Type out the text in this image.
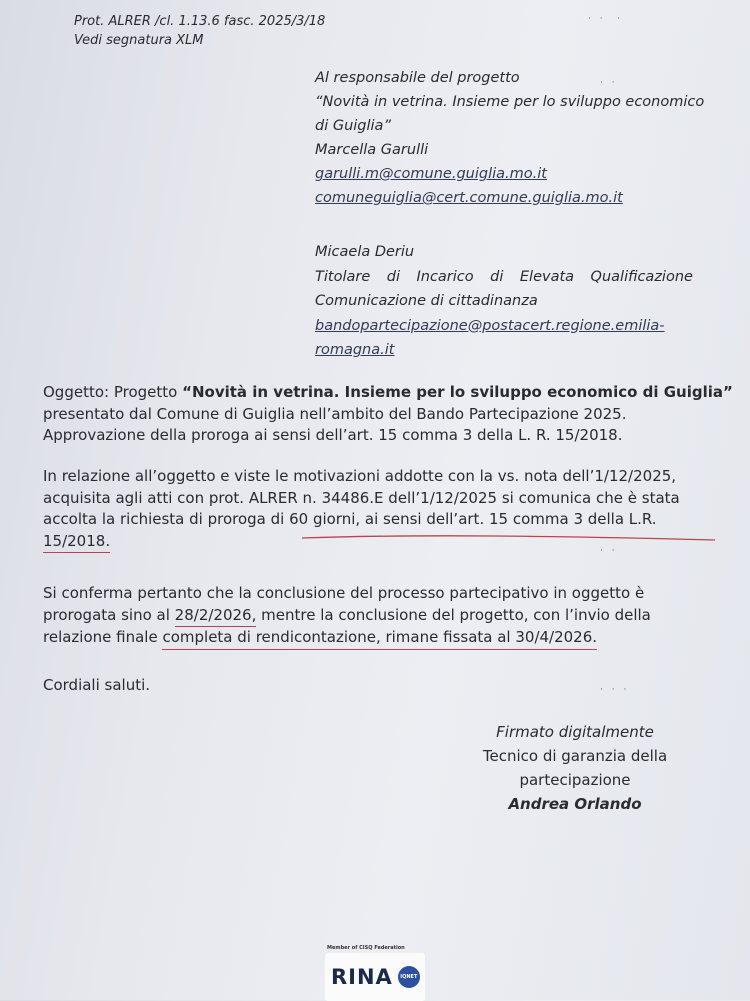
Prot. ALRER /cl. 1.13.6 fasc. 2025/3/18
Vedi segnatura XLM
· ·  ·
· ·
· ·
· · ·
Al responsabile del progetto
“Novità in vetrina. Insieme per lo sviluppo economico
di Guiglia”
Marcella Garulli
garulli.m@comune.guiglia.mo.it
comuneguiglia@cert.comune.guiglia.mo.it
Micaela Deriu
Titolare di Incarico di Elevata Qualificazione
Comunicazione di cittadinanza
bandopartecipazione@postacert.regione.emilia-
romagna.it
Oggetto: Progetto “Novità in vetrina. Insieme per lo sviluppo economico di Guiglia”
presentato dal Comune di Guiglia nell’ambito del Bando Partecipazione 2025.
Approvazione della proroga ai sensi dell’art. 15 comma 3 della L. R. 15/2018.
In relazione all’oggetto e viste le motivazioni addotte con la vs. nota dell’1/12/2025,
acquisita agli atti con prot. ALRER n. 34486.E dell’1/12/2025 si comunica che è stata
accolta la richiesta di proroga di 60 giorni, ai sensi dell’art. 15 comma 3 della L.R.
15/2018.
Si conferma pertanto che la conclusione del processo partecipativo in oggetto è
prorogata sino al 28/2/2026, mentre la conclusione del progetto, con l’invio della
relazione finale completa di rendicontazione, rimane fissata al 30/4/2026.
Cordiali saluti.
Firmato digitalmente
Tecnico di garanzia della
partecipazione
Andrea Orlando
Member of CISQ Federation
RINA	IQNET
